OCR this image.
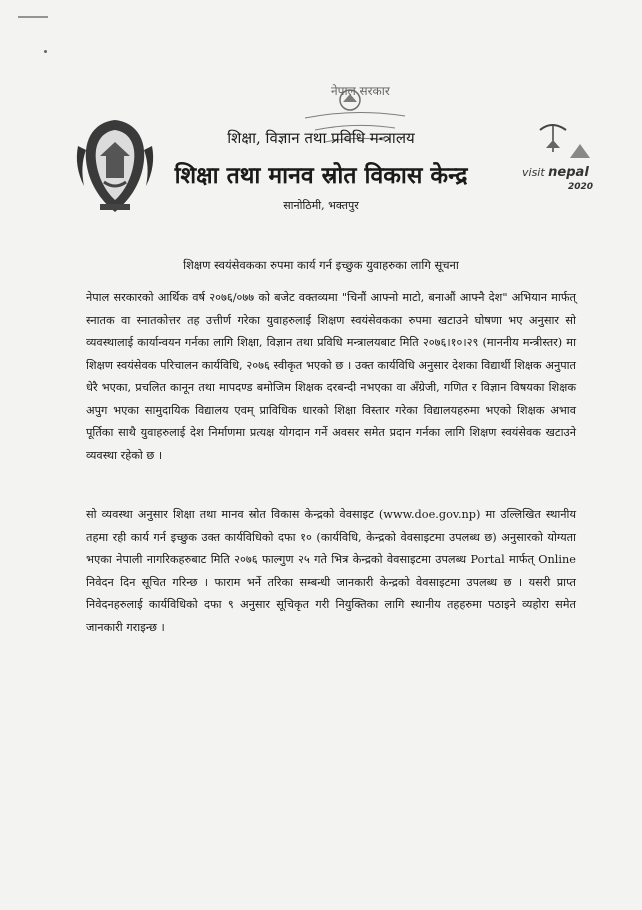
नेपाल सरकार
शिक्षा, विज्ञान तथा प्रविधि मन्त्रालय
शिक्षा तथा मानव स्रोत विकास केन्द्र
सानोठिमी, भक्तपुर
visit nepal
2020
शिक्षण स्वयंसेवकका रुपमा कार्य गर्न इच्छुक युवाहरुका लागि सूचना
नेपाल सरकारको आर्थिक वर्ष २०७६/०७७ को बजेट वक्तव्यमा "चिनौं आफ्नो माटो, बनाऔं आफ्नै देश" अभियान मार्फत् स्नातक वा स्नातकोत्तर तह उत्तीर्ण गरेका युवाहरुलाई शिक्षण स्वयंसेवकका रुपमा खटाउने घोषणा भए अनुसार सो व्यवस्थालाई कार्यान्वयन गर्नका लागि शिक्षा, विज्ञान तथा प्रविधि मन्त्रालयबाट मिति २०७६।१०।२९ (माननीय मन्त्रीस्तर) मा शिक्षण स्वयंसेवक परिचालन कार्यविधि, २०७६ स्वीकृत भएको छ । उक्त कार्यविधि अनुसार देशका विद्यार्थी शिक्षक अनुपात धेरै भएका, प्रचलित कानून तथा मापदण्ड बमोजिम शिक्षक दरबन्दी नभएका वा अँग्रेजी, गणित र विज्ञान विषयका शिक्षक अपुग भएका सामुदायिक विद्यालय एवम् प्राविधिक धारको शिक्षा विस्तार गरेका विद्यालयहरुमा भएको शिक्षक अभाव पूर्तिका साथै युवाहरुलाई देश निर्माणमा प्रत्यक्ष योगदान गर्ने अवसर समेत प्रदान गर्नका लागि शिक्षण स्वयंसेवक खटाउने व्यवस्था रहेको छ ।
सो व्यवस्था अनुसार शिक्षा तथा मानव स्रोत विकास केन्द्रको वेवसाइट (www.doe.gov.np) मा उल्लिखित स्थानीय तहमा रही कार्य गर्न इच्छुक उक्त कार्यविधिको दफा १० (कार्यविधि, केन्द्रको वेवसाइटमा उपलब्ध छ) अनुसारको योग्यता भएका नेपाली नागरिकहरुबाट मिति २०७६ फाल्गुण २५ गते भित्र केन्द्रको वेवसाइटमा उपलब्ध Portal मार्फत् Online निवेदन दिन सूचित गरिन्छ । फाराम भर्ने तरिका सम्बन्धी जानकारी केन्द्रको वेवसाइटमा उपलब्ध छ । यसरी प्राप्त निवेदनहरुलाई कार्यविधिको दफा ९ अनुसार सूचिकृत गरी नियुक्तिका लागि स्थानीय तहहरुमा पठाइने व्यहोरा समेत जानकारी गराइन्छ ।
